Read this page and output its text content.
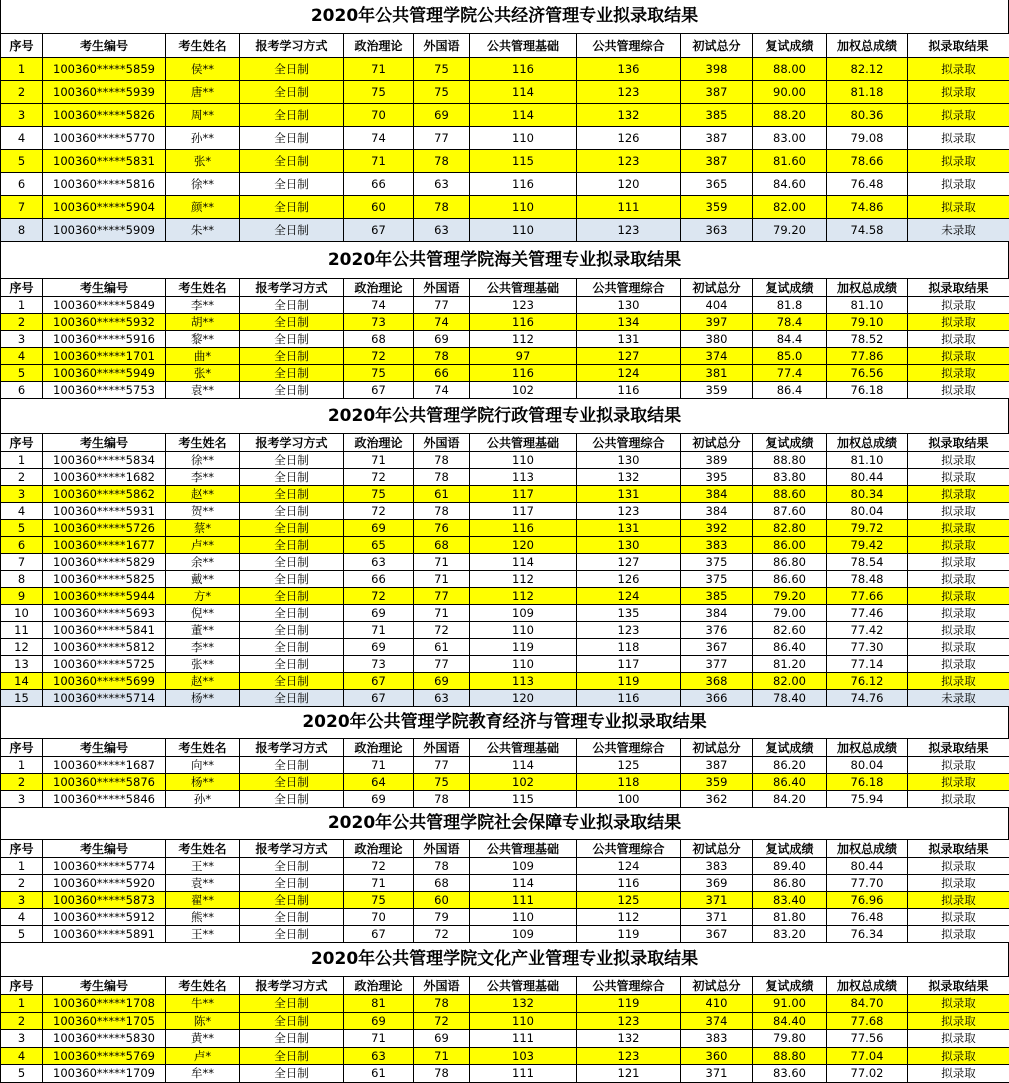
2020年公共管理学院公共经济管理专业拟录取结果
序号	考生编号	考生姓名	报考学习方式	政治理论	外国语	公共管理基础	公共管理综合	初试总分	复试成绩	加权总成绩	拟录取结果
1	100360*****5859	侯**	全日制	71	75	116	136	398	88.00	82.12	拟录取
2	100360*****5939	唐**	全日制	75	75	114	123	387	90.00	81.18	拟录取
3	100360*****5826	周**	全日制	70	69	114	132	385	88.20	80.36	拟录取
4	100360*****5770	孙**	全日制	74	77	110	126	387	83.00	79.08	拟录取
5	100360*****5831	张*	全日制	71	78	115	123	387	81.60	78.66	拟录取
6	100360*****5816	徐**	全日制	66	63	116	120	365	84.60	76.48	拟录取
7	100360*****5904	颜**	全日制	60	78	110	111	359	82.00	74.86	拟录取
8	100360*****5909	朱**	全日制	67	63	110	123	363	79.20	74.58	未录取
2020年公共管理学院海关管理专业拟录取结果
序号	考生编号	考生姓名	报考学习方式	政治理论	外国语	公共管理基础	公共管理综合	初试总分	复试成绩	加权总成绩	拟录取结果
1	100360*****5849	李**	全日制	74	77	123	130	404	81.8	81.10	拟录取
2	100360*****5932	胡**	全日制	73	74	116	134	397	78.4	79.10	拟录取
3	100360*****5916	黎**	全日制	68	69	112	131	380	84.4	78.52	拟录取
4	100360*****1701	曲*	全日制	72	78	97	127	374	85.0	77.86	拟录取
5	100360*****5949	张*	全日制	75	66	116	124	381	77.4	76.56	拟录取
6	100360*****5753	袁**	全日制	67	74	102	116	359	86.4	76.18	拟录取
2020年公共管理学院行政管理专业拟录取结果
序号	考生编号	考生姓名	报考学习方式	政治理论	外国语	公共管理基础	公共管理综合	初试总分	复试成绩	加权总成绩	拟录取结果
1	100360*****5834	徐**	全日制	71	78	110	130	389	88.80	81.10	拟录取
2	100360*****1682	李**	全日制	72	78	113	132	395	83.80	80.44	拟录取
3	100360*****5862	赵**	全日制	75	61	117	131	384	88.60	80.34	拟录取
4	100360*****5931	贺**	全日制	72	78	117	123	384	87.60	80.04	拟录取
5	100360*****5726	蔡*	全日制	69	76	116	131	392	82.80	79.72	拟录取
6	100360*****1677	卢**	全日制	65	68	120	130	383	86.00	79.42	拟录取
7	100360*****5829	余**	全日制	63	71	114	127	375	86.80	78.54	拟录取
8	100360*****5825	戴**	全日制	66	71	112	126	375	86.60	78.48	拟录取
9	100360*****5944	方*	全日制	72	77	112	124	385	79.20	77.66	拟录取
10	100360*****5693	倪**	全日制	69	71	109	135	384	79.00	77.46	拟录取
11	100360*****5841	董**	全日制	71	72	110	123	376	82.60	77.42	拟录取
12	100360*****5812	李**	全日制	69	61	119	118	367	86.40	77.30	拟录取
13	100360*****5725	张**	全日制	73	77	110	117	377	81.20	77.14	拟录取
14	100360*****5699	赵**	全日制	67	69	113	119	368	82.00	76.12	拟录取
15	100360*****5714	杨**	全日制	67	63	120	116	366	78.40	74.76	未录取
2020年公共管理学院教育经济与管理专业拟录取结果
序号	考生编号	考生姓名	报考学习方式	政治理论	外国语	公共管理基础	公共管理综合	初试总分	复试成绩	加权总成绩	拟录取结果
1	100360*****1687	向**	全日制	71	77	114	125	387	86.20	80.04	拟录取
2	100360*****5876	杨**	全日制	64	75	102	118	359	86.40	76.18	拟录取
3	100360*****5846	孙*	全日制	69	78	115	100	362	84.20	75.94	拟录取
2020年公共管理学院社会保障专业拟录取结果
序号	考生编号	考生姓名	报考学习方式	政治理论	外国语	公共管理基础	公共管理综合	初试总分	复试成绩	加权总成绩	拟录取结果
1	100360*****5774	王**	全日制	72	78	109	124	383	89.40	80.44	拟录取
2	100360*****5920	袁**	全日制	71	68	114	116	369	86.80	77.70	拟录取
3	100360*****5873	翟**	全日制	75	60	111	125	371	83.40	76.96	拟录取
4	100360*****5912	熊**	全日制	70	79	110	112	371	81.80	76.48	拟录取
5	100360*****5891	王**	全日制	67	72	109	119	367	83.20	76.34	拟录取
2020年公共管理学院文化产业管理专业拟录取结果
序号	考生编号	考生姓名	报考学习方式	政治理论	外国语	公共管理基础	公共管理综合	初试总分	复试成绩	加权总成绩	拟录取结果
1	100360*****1708	牛**	全日制	81	78	132	119	410	91.00	84.70	拟录取
2	100360*****1705	陈*	全日制	69	72	110	123	374	84.40	77.68	拟录取
3	100360*****5830	黄**	全日制	71	69	111	132	383	79.80	77.56	拟录取
4	100360*****5769	卢*	全日制	63	71	103	123	360	88.80	77.04	拟录取
5	100360*****1709	牟**	全日制	61	78	111	121	371	83.60	77.02	拟录取
